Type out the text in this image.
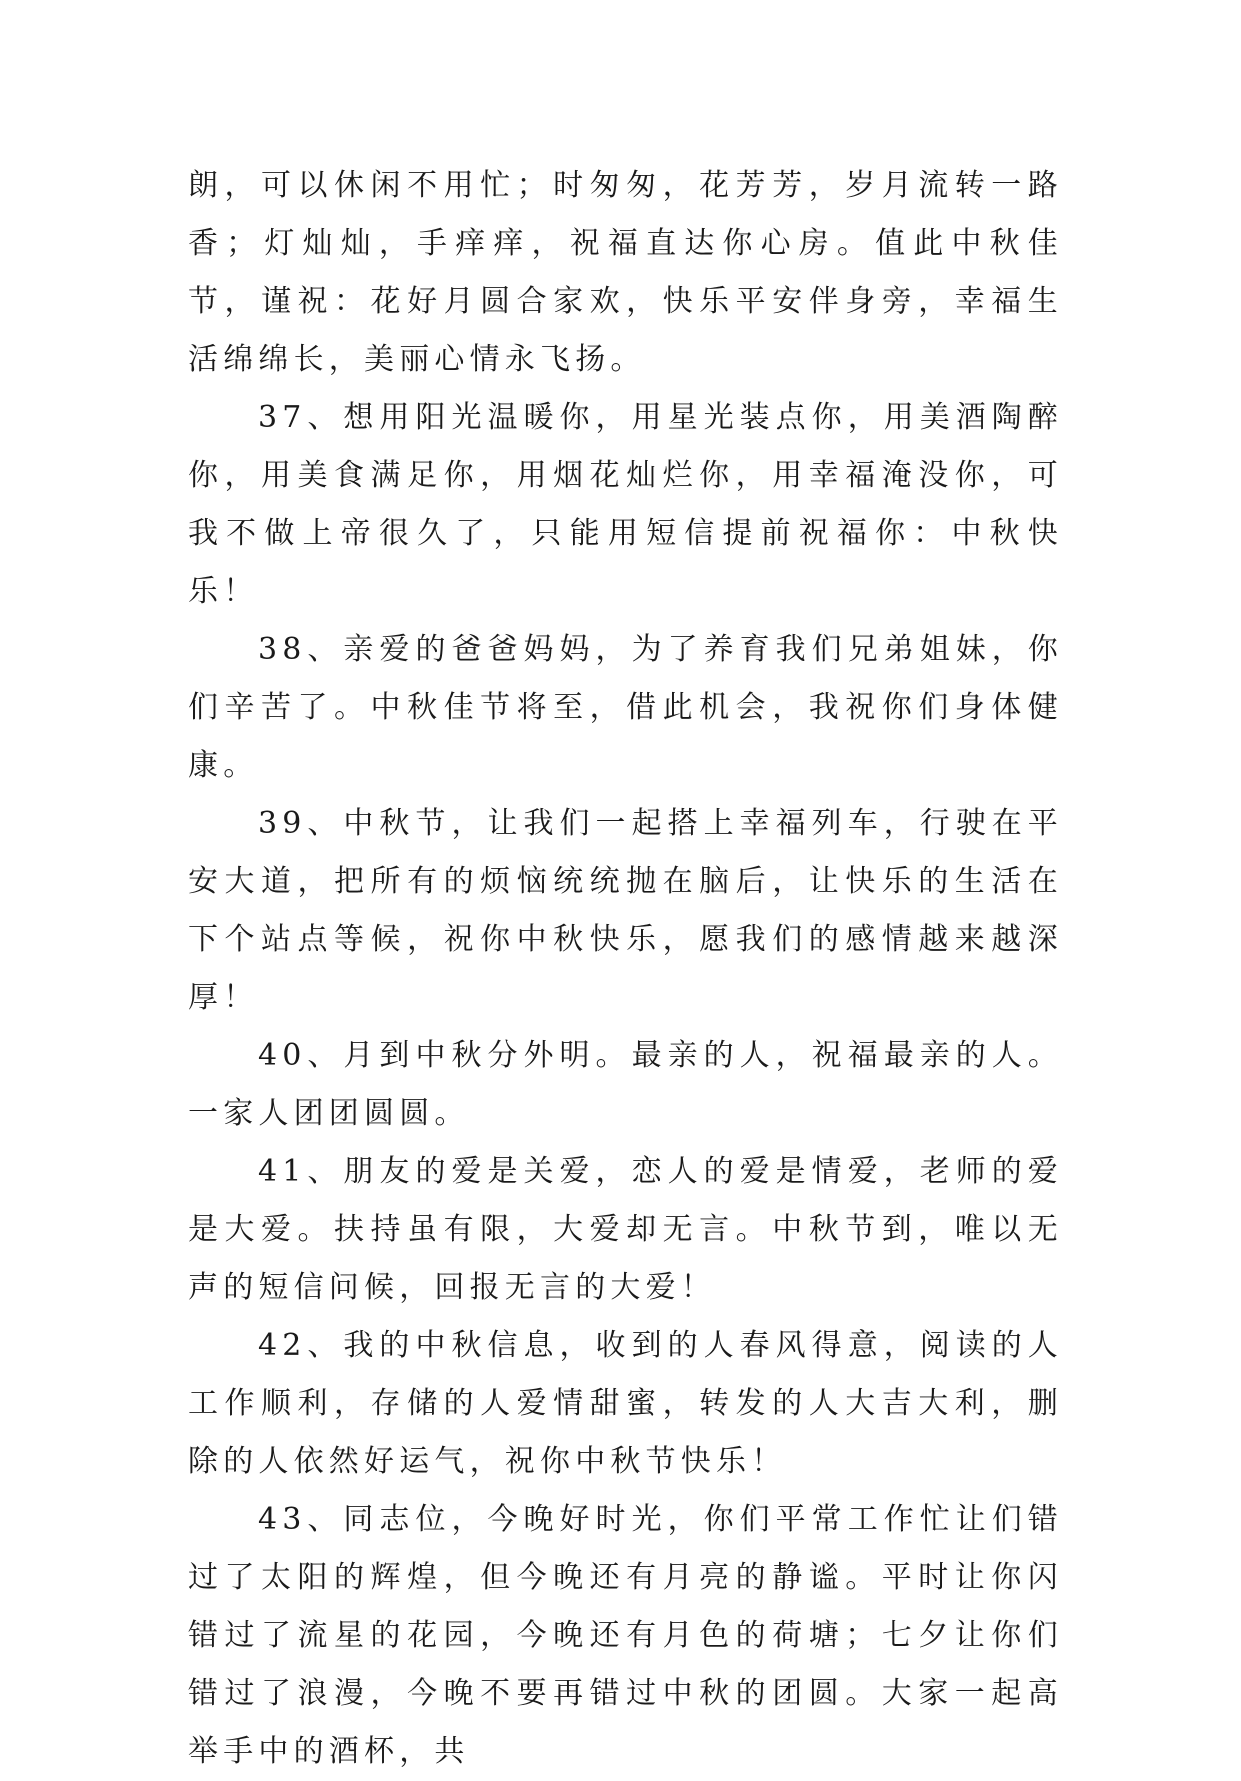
朗，可以休闲不用忙；时匆匆，花芳芳，岁月流转一路香；灯灿灿，手痒痒，祝福直达你心房。值此中秋佳节，谨祝：花好月圆合家欢，快乐平安伴身旁，幸福生活绵绵长，美丽心情永飞扬。

37、想用阳光温暖你，用星光装点你，用美酒陶醉你，用美食满足你，用烟花灿烂你，用幸福淹没你，可我不做上帝很久了，只能用短信提前祝福你：中秋快乐！

38、亲爱的爸爸妈妈，为了养育我们兄弟姐妹，你们辛苦了。中秋佳节将至，借此机会，我祝你们身体健康。

39、中秋节，让我们一起搭上幸福列车，行驶在平安大道，把所有的烦恼统统抛在脑后，让快乐的生活在下个站点等候，祝你中秋快乐，愿我们的感情越来越深厚！

40、月到中秋分外明。最亲的人，祝福最亲的人。一家人团团圆圆。

41、朋友的爱是关爱，恋人的爱是情爱，老师的爱是大爱。扶持虽有限，大爱却无言。中秋节到，唯以无声的短信问候，回报无言的大爱！

42、我的中秋信息，收到的人春风得意，阅读的人工作顺利，存储的人爱情甜蜜，转发的人大吉大利，删除的人依然好运气，祝你中秋节快乐！

43、同志位，今晚好时光，你们平常工作忙让们错过了太阳的辉煌，但今晚还有月亮的静谧。平时让你闪错过了流星的花园，今晚还有月色的荷塘；七夕让你们错过了浪漫，今晚不要再错过中秋的团圆。大家一起高举手中的酒杯，共
